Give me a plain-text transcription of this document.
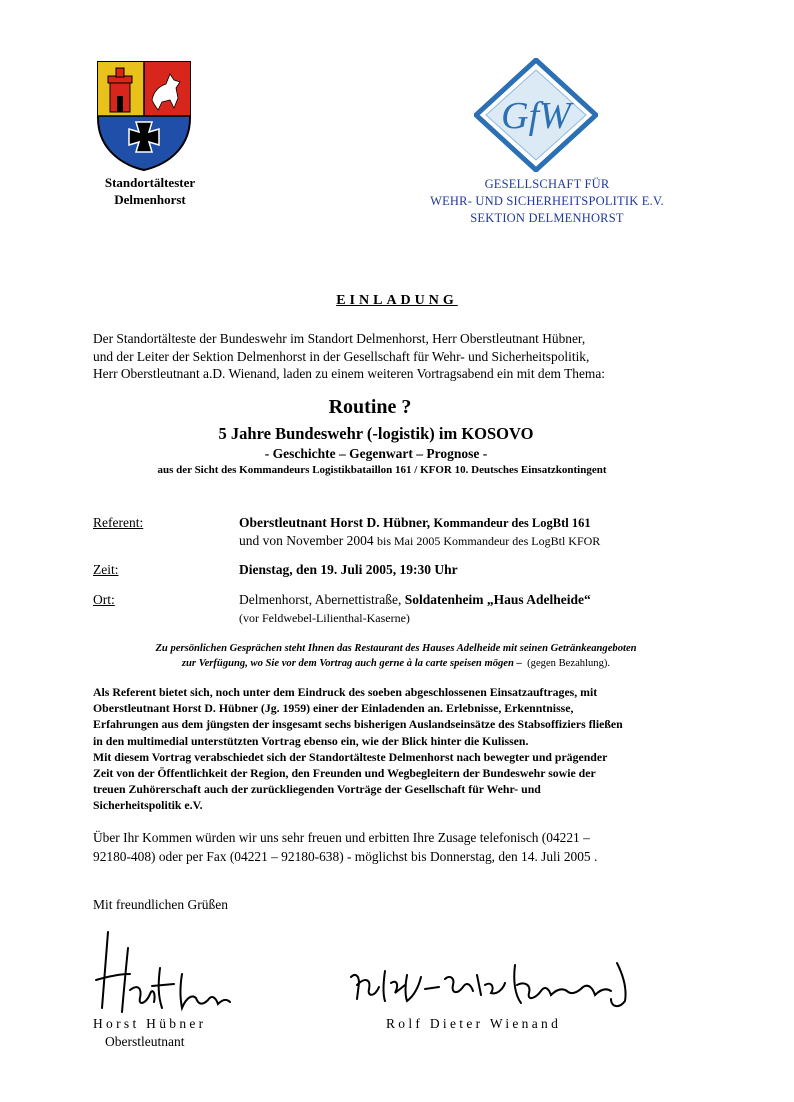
Standortältester
Delmenhorst
GfW
GESELLSCHAFT FÜR
WEHR- UND SICHERHEITSPOLITIK E.V.
SEKTION DELMENHORST
EINLADUNG
Der Standortälteste der Bundeswehr im Standort Delmenhorst, Herr Oberstleutnant Hübner,
und der Leiter der Sektion Delmenhorst in der Gesellschaft für Wehr- und Sicherheitspolitik,
Herr Oberstleutnant a.D. Wienand, laden zu einem weiteren Vortragsabend ein mit dem Thema:
Routine ?
5 Jahre Bundeswehr (-logistik) im KOSOVO
- Geschichte – Gegenwart – Prognose -
aus der Sicht des Kommandeurs Logistikbataillon 161 / KFOR 10. Deutsches Einsatzkontingent
Referent:	Oberstleutnant Horst D. Hübner, Kommandeur des LogBtl 161
und von November 2004 bis Mai 2005 Kommandeur des LogBtl KFOR
Zeit:	Dienstag, den 19. Juli 2005, 19:30 Uhr
Ort:	Delmenhorst, Abernettistraße, Soldatenheim „Haus Adelheide“
(vor Feldwebel-Lilienthal-Kaserne)
Zu persönlichen Gesprächen steht Ihnen das Restaurant des Hauses Adelheide mit seinen Getränkeangeboten
zur Verfügung, wo Sie vor dem Vortrag auch gerne à la carte speisen mögen – (gegen Bezahlung).
Als Referent bietet sich, noch unter dem Eindruck des soeben abgeschlossenen Einsatzauftrages, mit
Oberstleutnant Horst D. Hübner (Jg. 1959) einer der Einladenden an. Erlebnisse, Erkenntnisse,
Erfahrungen aus dem jüngsten der insgesamt sechs bisherigen Auslandseinsätze des Stabsoffiziers fließen
in den multimedial unterstützten Vortrag ebenso ein, wie der Blick hinter die Kulissen.
Mit diesem Vortrag verabschiedet sich der Standortälteste Delmenhorst nach bewegter und prägender
Zeit von der Öffentlichkeit der Region, den Freunden und Wegbegleitern der Bundeswehr sowie der
treuen Zuhörerschaft auch der zurückliegenden Vorträge der Gesellschaft für Wehr- und
Sicherheitspolitik e.V.
Über Ihr Kommen würden wir uns sehr freuen und erbitten Ihre Zusage telefonisch (04221 –
92180-408) oder per Fax (04221 – 92180-638) - möglichst bis Donnerstag, den 14. Juli 2005 .
Mit freundlichen Grüßen
Horst Hübner
Oberstleutnant
Rolf Dieter Wienand
